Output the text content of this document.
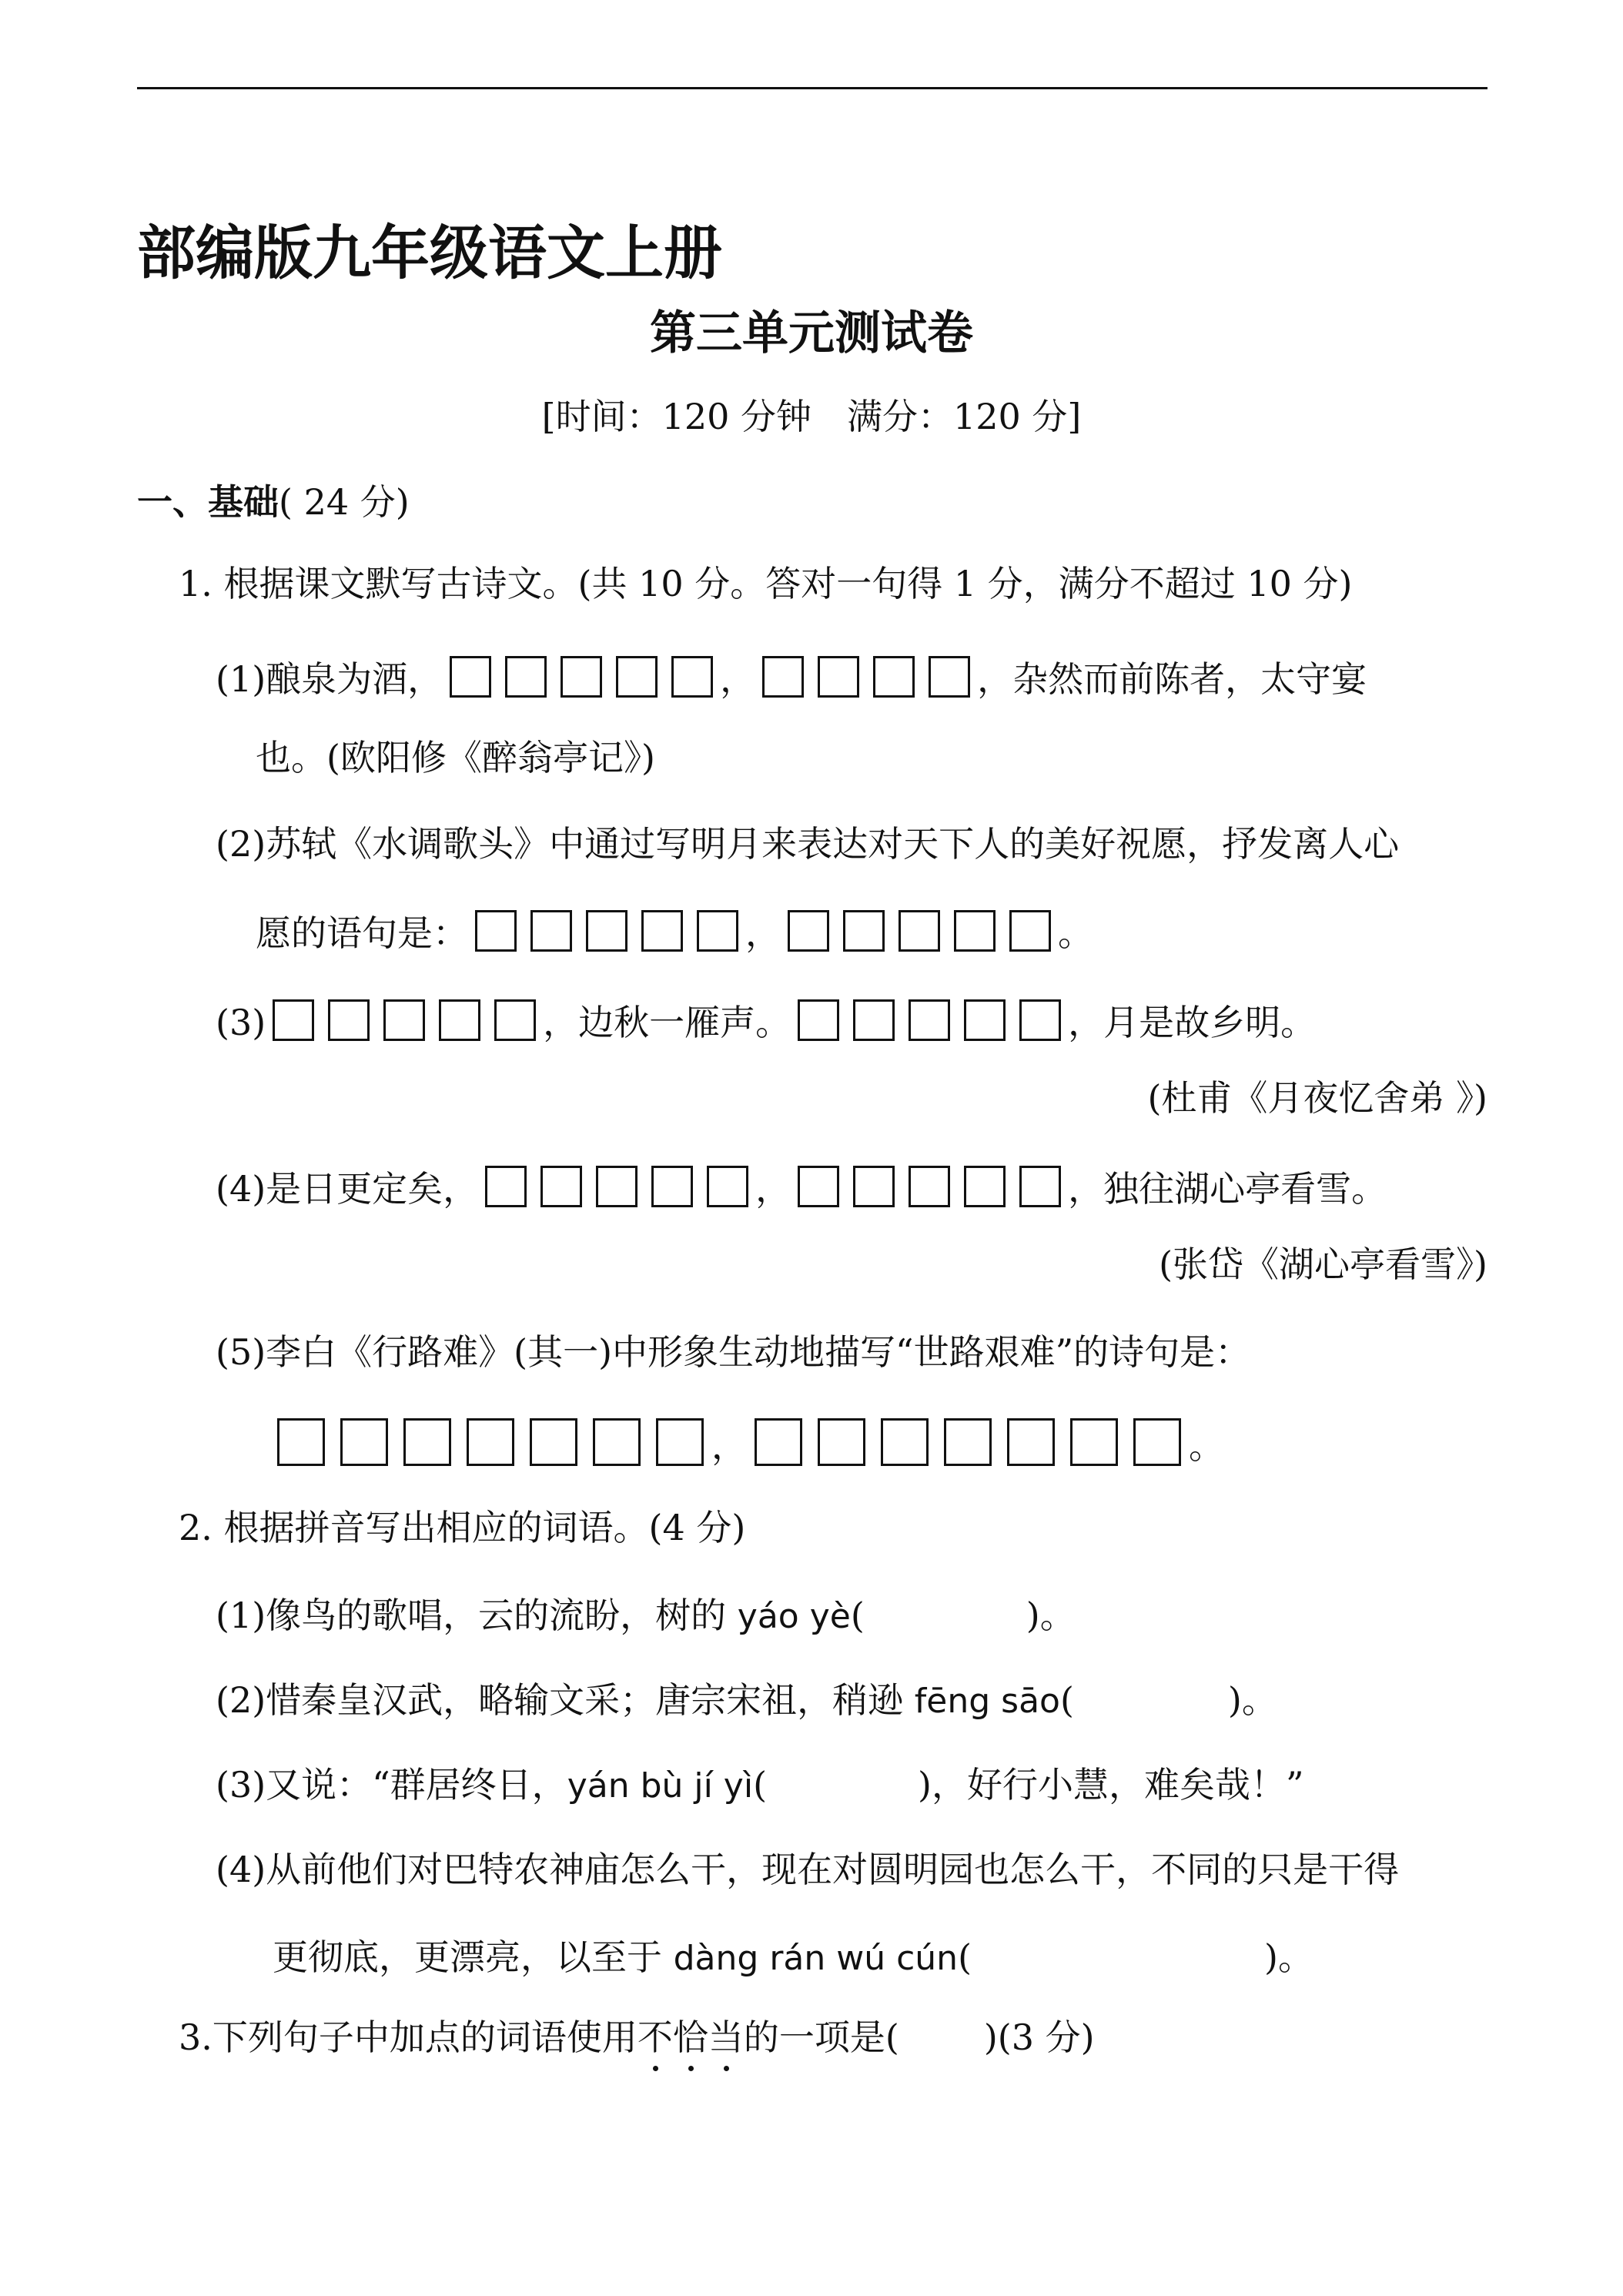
部编版九年级语文上册
第三单元测试卷
[时间：120 分钟　满分：120 分]
一、基础( 24 分)
1. 根据课文默写古诗文。(共 10 分。答对一句得 1 分，满分不超过 10 分)
(1)酿泉为酒，	，	，杂然而前陈者，太守宴
也。(欧阳修《醉翁亭记》)
(2)苏轼《水调歌头》中通过写明月来表达对天下人的美好祝愿，抒发离人心
愿的语句是：	，	。
(3)	，边秋一雁声。	，月是故乡明。
(杜甫《月夜忆舍弟 》)
(4)是日更定矣，	，	，独往湖心亭看雪。
(张岱《湖心亭看雪》)
(5)李白《行路难》(其一)中形象生动地描写“世路艰难”的诗句是：
，	。
2. 根据拼音写出相应的词语。(4 分)
(1)像鸟的歌唱，云的流盼，树的 yáo yè(	)。
(2)惜秦皇汉武，略输文采；唐宗宋祖，稍逊 fēng sāo(	)。
(3)又说：“群居终日，yán bù jí yì(	)，好行小慧，难矣哉！”
(4)从前他们对巴特农神庙怎么干，现在对圆明园也怎么干，不同的只是干得
更彻底，更漂亮，以至于 dàng rán wú cún(	)。
3.下列句子中加点的词语使用不恰当的一项是( )(3 分)
